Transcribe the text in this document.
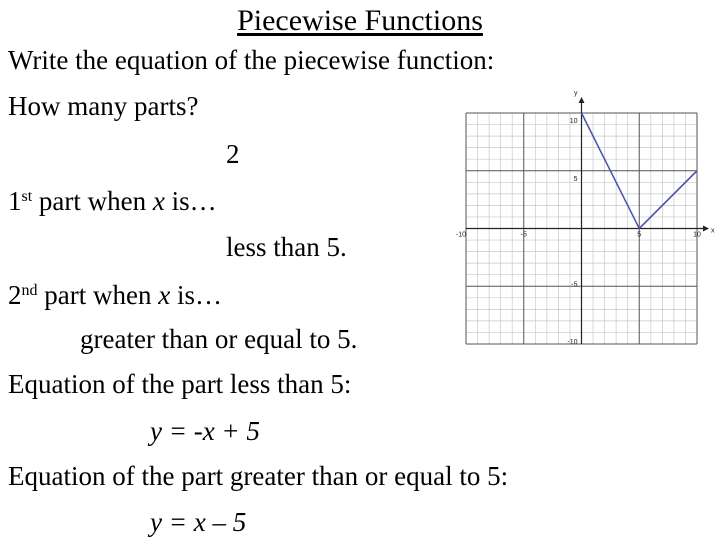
Piecewise Functions
Write the equation of the piecewise function:
How many parts?
2
1st part when x is…
less than 5.
2nd part when x is…
greater than or equal to 5.
Equation of the part less than 5:
y = -x + 5
Equation of the part greater than or equal to 5:
y = x – 5
-10	-5	5	10
10
5
-5
-10
x
y
